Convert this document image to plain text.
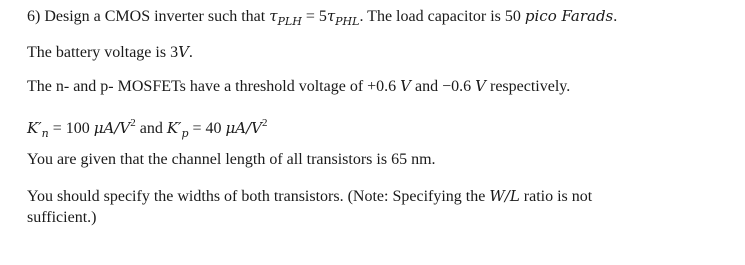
6) Design a CMOS inverter such that $\tau_{PLH} = 5\tau_{PHL}$. The load capacitor is 50 pico Farads.
The battery voltage is 3V.
The n- and p- MOSFETs have a threshold voltage of +0.6 V and −0.6 V respectively.
$K'_n = 100$ $\mu A/V^2$ and $K'_p = 40$ $\mu A/V^2$
You are given that the channel length of all transistors is 65 nm.
You should specify the widths of both transistors. (Note: Specifying the W/L ratio is not
sufficient.)
